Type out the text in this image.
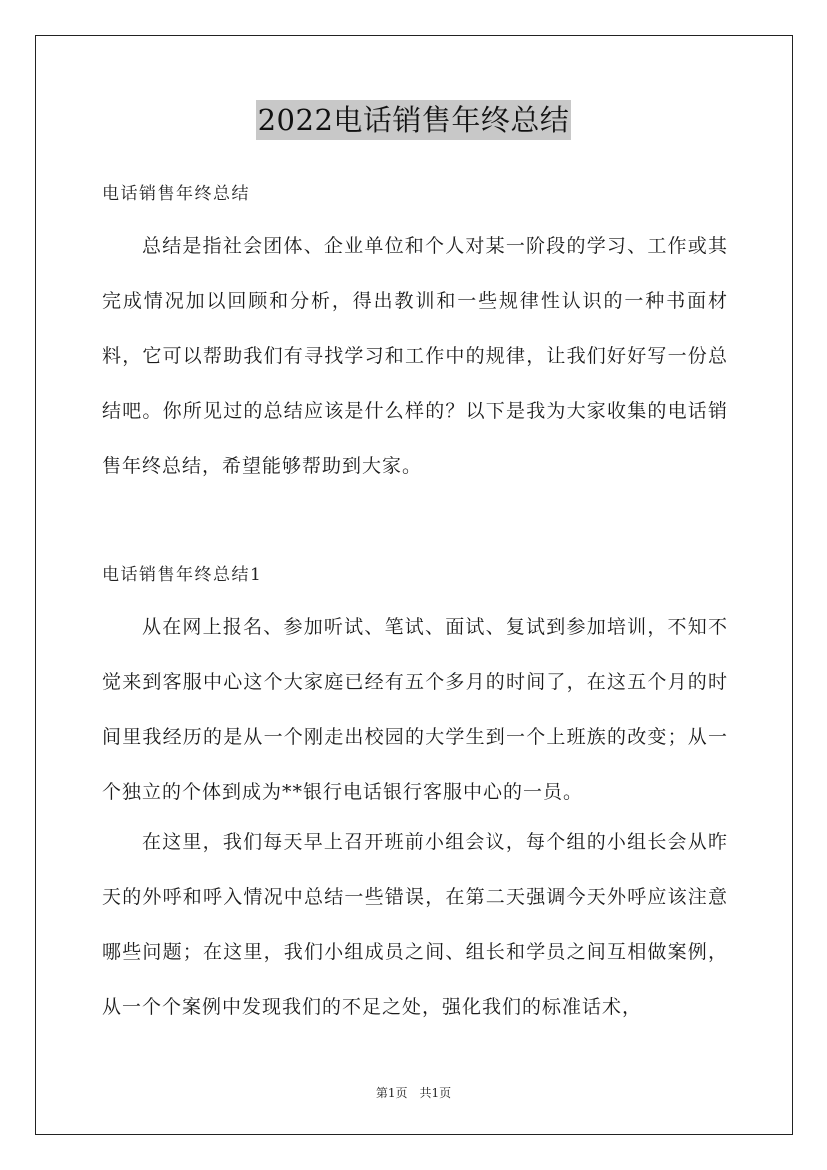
2022电话销售年终总结
电话销售年终总结

总结是指社会团体、企业单位和个人对某一阶段的学习、工作或其完成情况加以回顾和分析，得出教训和一些规律性认识的一种书面材料，它可以帮助我们有寻找学习和工作中的规律，让我们好好写一份总结吧。你所见过的总结应该是什么样的？以下是我为大家收集的电话销售年终总结，希望能够帮助到大家。

电话销售年终总结1

从在网上报名、参加听试、笔试、面试、复试到参加培训，不知不觉来到客服中心这个大家庭已经有五个多月的时间了，在这五个月的时间里我经历的是从一个刚走出校园的大学生到一个上班族的改变；从一个独立的个体到成为**银行电话银行客服中心的一员。

在这里，我们每天早上召开班前小组会议，每个组的小组长会从昨天的外呼和呼入情况中总结一些错误，在第二天强调今天外呼应该注意哪些问题；在这里，我们小组成员之间、组长和学员之间互相做案例，从一个个案例中发现我们的不足之处，强化我们的标准话术，

第1页　共1页
